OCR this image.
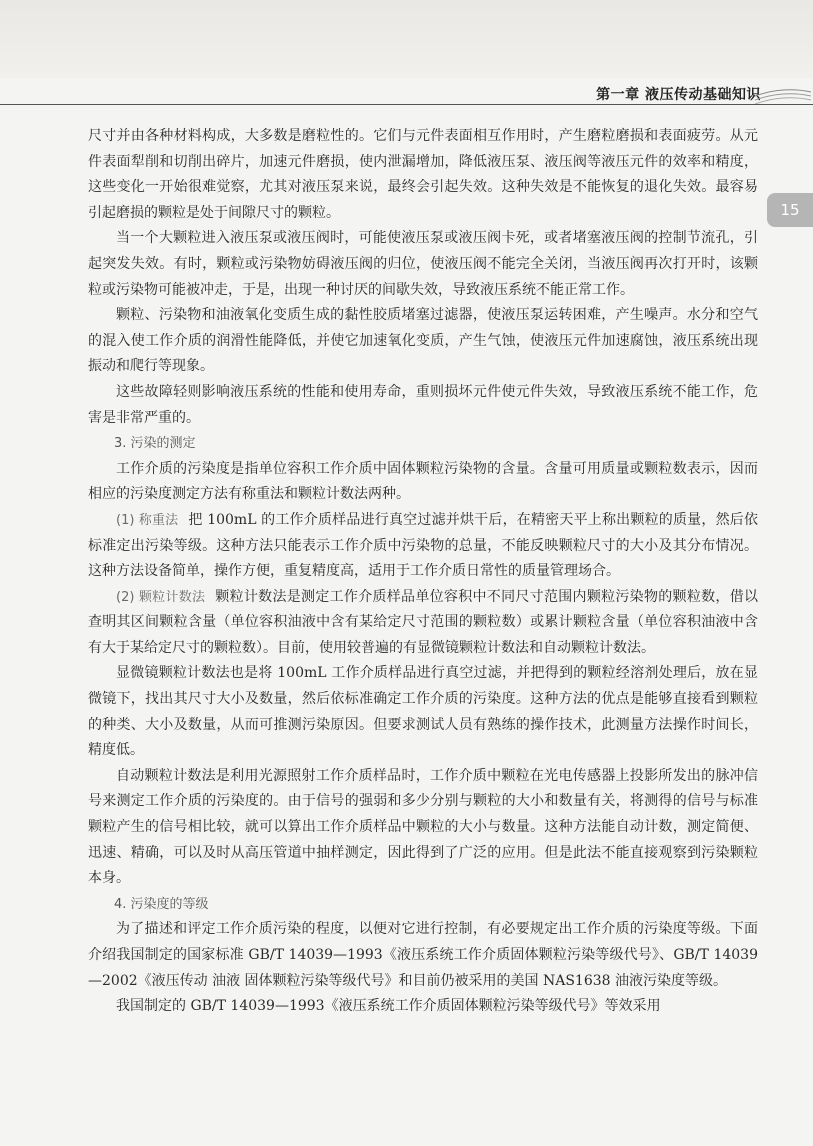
第一章 液压传动基础知识
15

尺寸并由各种材料构成，大多数是磨粒性的。它们与元件表面相互作用时，产生磨粒磨损和表面疲劳。从元件表面犁削和切削出碎片，加速元件磨损，使内泄漏增加，降低液压泵、液压阀等液压元件的效率和精度，这些变化一开始很难觉察，尤其对液压泵来说，最终会引起失效。这种失效是不能恢复的退化失效。最容易引起磨损的颗粒是处于间隙尺寸的颗粒。

当一个大颗粒进入液压泵或液压阀时，可能使液压泵或液压阀卡死，或者堵塞液压阀的控制节流孔，引起突发失效。有时，颗粒或污染物妨碍液压阀的归位，使液压阀不能完全关闭，当液压阀再次打开时，该颗粒或污染物可能被冲走，于是，出现一种讨厌的间歇失效，导致液压系统不能正常工作。

颗粒、污染物和油液氧化变质生成的黏性胶质堵塞过滤器，使液压泵运转困难，产生噪声。水分和空气的混入使工作介质的润滑性能降低，并使它加速氧化变质，产生气蚀，使液压元件加速腐蚀，液压系统出现振动和爬行等现象。

这些故障轻则影响液压系统的性能和使用寿命，重则损坏元件使元件失效，导致液压系统不能工作，危害是非常严重的。

3. 污染的测定

工作介质的污染度是指单位容积工作介质中固体颗粒污染物的含量。含量可用质量或颗粒数表示，因而相应的污染度测定方法有称重法和颗粒计数法两种。

(1) 称重法 把 100mL 的工作介质样品进行真空过滤并烘干后，在精密天平上称出颗粒的质量，然后依标准定出污染等级。这种方法只能表示工作介质中污染物的总量，不能反映颗粒尺寸的大小及其分布情况。这种方法设备简单，操作方便，重复精度高，适用于工作介质日常性的质量管理场合。

(2) 颗粒计数法 颗粒计数法是测定工作介质样品单位容积中不同尺寸范围内颗粒污染物的颗粒数，借以查明其区间颗粒含量（单位容积油液中含有某给定尺寸范围的颗粒数）或累计颗粒含量（单位容积油液中含有大于某给定尺寸的颗粒数）。目前，使用较普遍的有显微镜颗粒计数法和自动颗粒计数法。

显微镜颗粒计数法也是将 100mL 工作介质样品进行真空过滤，并把得到的颗粒经溶剂处理后，放在显微镜下，找出其尺寸大小及数量，然后依标准确定工作介质的污染度。这种方法的优点是能够直接看到颗粒的种类、大小及数量，从而可推测污染原因。但要求测试人员有熟练的操作技术，此测量方法操作时间长，精度低。

自动颗粒计数法是利用光源照射工作介质样品时，工作介质中颗粒在光电传感器上投影所发出的脉冲信号来测定工作介质的污染度的。由于信号的强弱和多少分别与颗粒的大小和数量有关，将测得的信号与标准颗粒产生的信号相比较，就可以算出工作介质样品中颗粒的大小与数量。这种方法能自动计数，测定简便、迅速、精确，可以及时从高压管道中抽样测定，因此得到了广泛的应用。但是此法不能直接观察到污染颗粒本身。

4. 污染度的等级

为了描述和评定工作介质污染的程度，以便对它进行控制，有必要规定出工作介质的污染度等级。下面介绍我国制定的国家标准 GB/T 14039—1993《液压系统工作介质固体颗粒污染等级代号》、GB/T 14039—2002《液压传动 油液 固体颗粒污染等级代号》和目前仍被采用的美国 NAS1638 油液污染度等级。

我国制定的 GB/T 14039—1993《液压系统工作介质固体颗粒污染等级代号》等效采用
